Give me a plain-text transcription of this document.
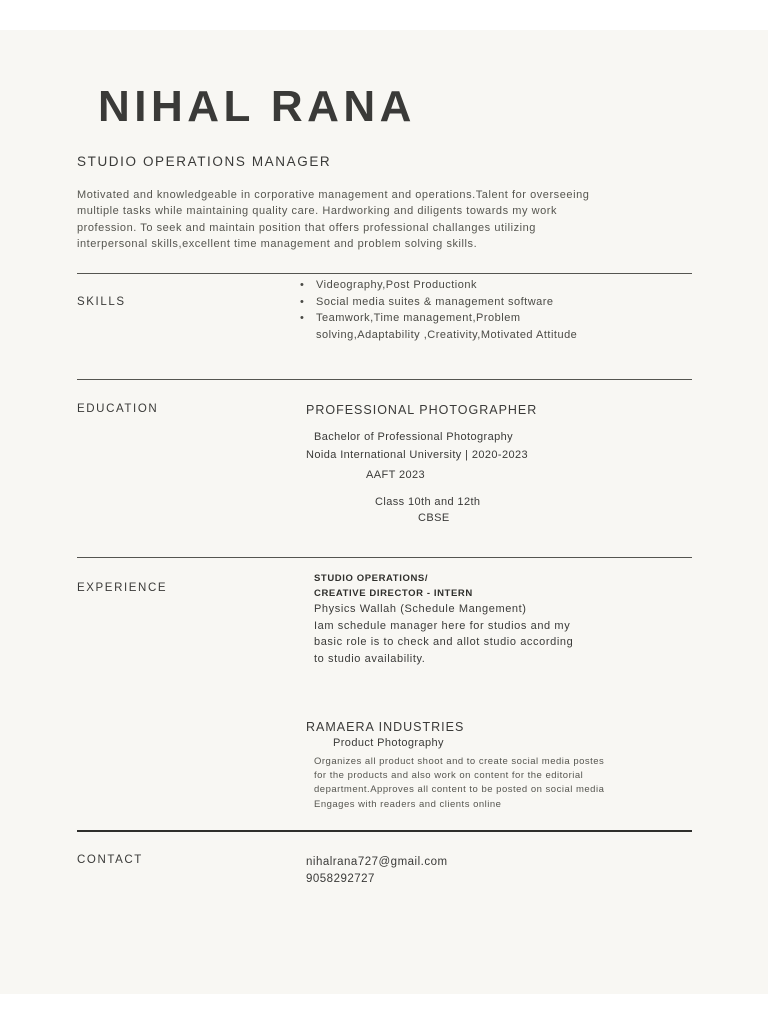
NIHAL RANA
STUDIO OPERATIONS MANAGER
Motivated and knowledgeable in corporative management and operations.Talent for overseeing
multiple tasks while maintaining quality care. Hardworking and diligents towards my work
profession. To seek and maintain position that offers professional challanges utilizing
interpersonal skills,excellent time management and problem solving skills.
SKILLS
• Videography,Post Productionk
• Social media suites & management software
• Teamwork,Time management,Problem
solving,Adaptability ,Creativity,Motivated Attitude
EDUCATION	PROFESSIONAL PHOTOGRAPHER
Bachelor of Professional Photography
Noida International University | 2020-2023
AAFT 2023
Class 10th and 12th
CBSE
EXPERIENCE
STUDIO OPERATIONS/
CREATIVE DIRECTOR - INTERN
Physics Wallah (Schedule Mangement)
Iam schedule manager here for studios and my
basic role is to check and allot studio according
to studio availability.
RAMAERA INDUSTRIES
Product Photography
Organizes all product shoot and to create social media postes
for the products and also work on content for the editorial
department.Approves all content to be posted on social media
Engages with readers and clients online
CONTACT	nihalrana727@gmail.com
9058292727
